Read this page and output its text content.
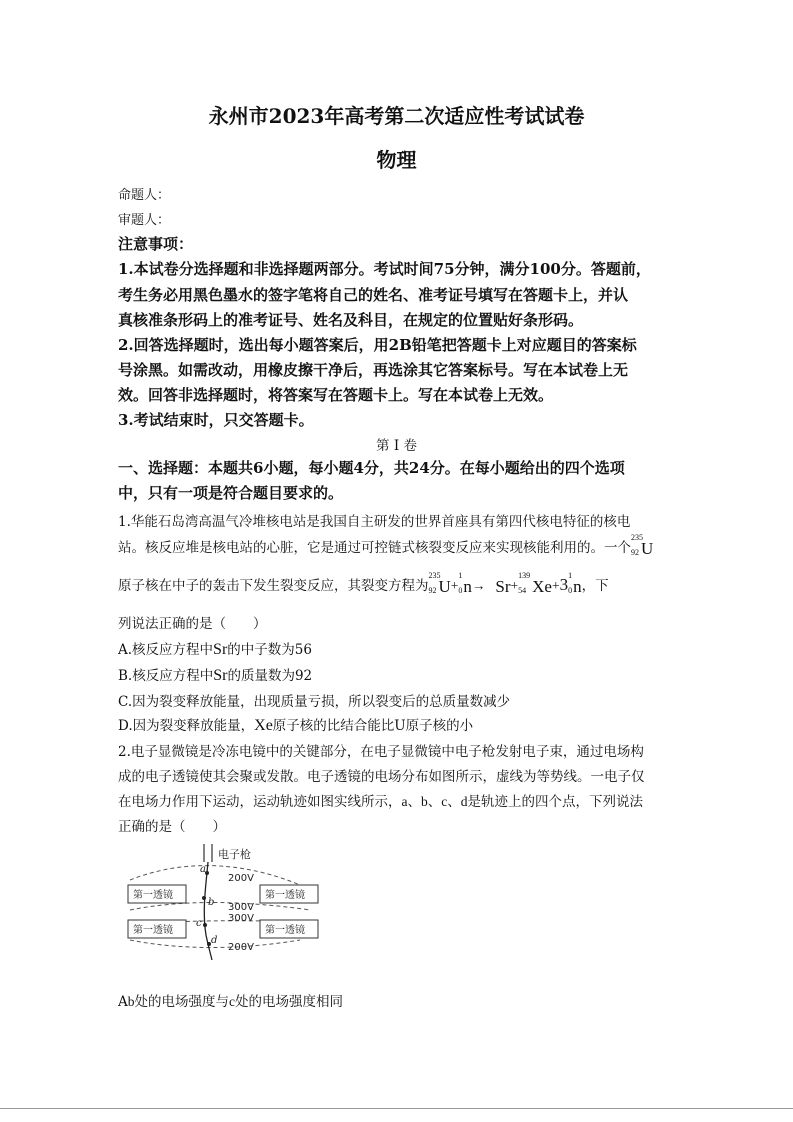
永州市2023年高考第二次适应性考试试卷
物理
命题人：
审题人：
注意事项：
1.本试卷分选择题和非选择题两部分。考试时间75分钟，满分100分。答题前，
考生务必用黑色墨水的签字笔将自己的姓名、准考证号填写在答题卡上，并认
真核准条形码上的准考证号、姓名及科目，在规定的位置贴好条形码。
2.回答选择题时，选出每小题答案后，用2B铅笔把答题卡上对应题目的答案标
号涂黑。如需改动，用橡皮擦干净后，再选涂其它答案标号。写在本试卷上无
效。回答非选择题时，将答案写在答题卡上。写在本试卷上无效。
3.考试结束时，只交答题卡。
第 I 卷
一、选择题：本题共6小题，每小题4分，共24分。在每小题给出的四个选项
中，只有一项是符合题目要求的。
1.华能石岛湾高温气冷堆核电站是我国自主研发的世界首座具有第四代核电特征的核电
站。核反应堆是核电站的心脏，它是通过可控链式核裂变反应来实现核能利用的。一个
235
92 U
原子核在中子的轰击下发生裂变反应，其裂变方程为
235
92 U+
1
0 n→ Sr+
139
54 Xe+3 1
0 n，下
列说法正确的是（　　）
A.核反应方程中Sr的中子数为56
B.核反应方程中Sr的质量数为92
C.因为裂变释放能量，出现质量亏损，所以裂变后的总质量数减少
D.因为裂变释放能量，Xe原子核的比结合能比U原子核的小
2.电子显微镜是冷冻电镜中的关键部分，在电子显微镜中电子枪发射电子束，通过电场构
成的电子透镜使其会聚或发散。电子透镜的电场分布如图所示，虚线为等势线。一电子仅
在电场力作用下运动，运动轨迹如图实线所示，a、b、c、d是轨迹上的四个点，下列说法
正确的是（　　）
电子枪
a
b
c
d
200V
300V
300V
200V
第一透镜
第一透镜
第一透镜
第一透镜
Ab处的电场强度与c处的电场强度相同
